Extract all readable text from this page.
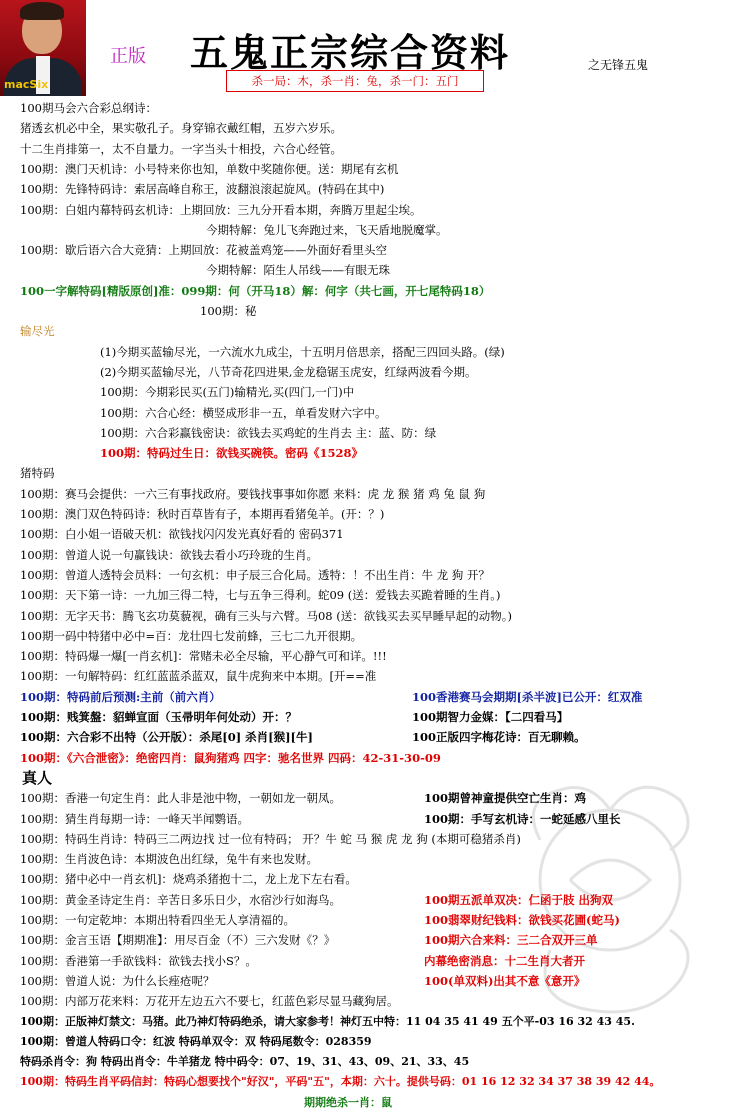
macSix
正版 五鬼正宗综合资料	之无锋五鬼
杀一局：木，杀一肖：兔，杀一门：五门
100期马会六合彩总纲诗：
猪透玄机必中全，果实敬孔子。身穿锦衣戴红帽，五岁六岁乐。
十二生肖排第一，太不自量力。一字当头十相投，六合心经管。
100期：澳门天机诗：小号特来你也知，单数中奖随你便。送：期尾有玄机
100期：先锋特码诗：索居高峰自称王，波翻浪滚起旋风。(特码在其中)
100期：白姐内幕特码玄机诗：上期回放：三九分开看本期，奔腾万里起尘埃。
今期特解：兔儿飞奔跑过来，飞天盾地脱魔掌。
100期：歇后语六合大竞猜：上期回放：花被盖鸡笼——外面好看里头空
今期特解：陌生人吊线——有眼无珠
100一字解特码[精版原创]准：099期：何（开马18）解：何字（共七画，开七尾特码18）
100期：秘
输尽光
(1)今期买蓝输尽光，一六流水九成尘，十五明月倍思亲，搭配三四回头路。(绿)
(2)今期买蓝输尽光，八节奇花四进果,金龙稳锯玉虎安，红绿两波看今期。
100期：今期彩民买(五门)输精光,买(四门,一门)中
100期：六合心经：横竖成形非一五，单看发财六字中。
100期：六合彩赢钱密诀：欲钱去买鸡蛇的生肖去 主：蓝、防：绿
100期：特码过生日：欲钱买碗筷。密码《1528》
猪特码
100期：赛马会提供：一六三有事找政府。要钱找事事如你愿 来料：虎 龙 猴 猪 鸡 兔 鼠 狗
100期：澳门双色特码诗：秋时百草皆有子，本期再看猪兔羊。(开：？)
100期：白小姐一语破天机：欲钱找闪闪发光真好看的 密码371
100期：曾道人说一句赢钱诀：欲钱去看小巧玲珑的生肖。
100期：曾道人透特会员料：一句玄机：申子辰三合化局。透特：！不出生肖：牛 龙 狗 开？
100期：天下第一诗：一九加三得二特，七与五争三得利。蛇09 (送：爱钱去买跪着睡的生肖。)
100期：无字天书：腾飞玄功莫藐视，确有三头与六臂。马08 (送：欲钱买去买早睡早起的动物。)
100期一码中特猪中必中=百：龙壮四七发前蜂，三七二九开很期。
100期：特码爆一爆[一肖玄机]：常赌未必全尽输，平心静气可和详。!!!
100期：一句解特码：红红蓝蓝杀蓝双，鼠牛虎狗来中本期。[开==准
100期：特码前后预测:主前（前六肖）	100香港赛马会期期[杀半波]已公开：红双准
100期：贱箕盤：貂蝉宣面（玉帚明年何处动）开：？	100期智力金媒：【二四看马】
100期：六合彩不出特（公开版）：杀尾[0] 杀肖[猴][牛]	100正版四字梅花诗：百无聊赖。
100期：《六合泄密》：绝密四肖：鼠狗猪鸡 四字：驰名世界 四码：42-31-30-09
真人
100期：香港一句定生肖：此人非是池中物，一朝如龙一朝凤。	100期曾神童提供空亡生肖：鸡
100期：猜生肖每期一诗：一峰天半闻鹦语。	100期：手写玄机诗：一蛇延感八里长
100期：特码生肖诗：特码三二两边找 过一位有特码； 开？牛 蛇 马 猴 虎 龙 狗 (本期可稳猪杀肖)
100期：生肖波色诗：本期波色出红绿，兔牛有来也发财。
100期：猪中必中一肖玄机]：烧鸡杀猪抱十二，龙上龙下左右看。
100期：黄金圣诗定生肖：辛苦日多乐日少，水宿沙行如海鸟。	100期五派单双决：仁函于肢 出狗双
100期：一句定乾坤：本期出特看四坐无人享清福的。	100翡翠财纪钱料：欲钱买花圃(蛇马)
100期：金言玉语【期期准】：用尽百金（不）三六发财《？》	100期六合来料：三二合双开三单
100期：香港第一手欲钱料：欲钱去找小S？。	内幕绝密消息：十二生肖大者开
100期：曾道人说：为什么长痤疮呢？	100(单双料)出其不意《意开》
100期：内部万花来料：万花开左边五六不要七，红蓝色彩尽显马藏狗居。
100期：正版神灯禁文：马猪。此乃神灯特码绝杀，请大家参考！神灯五中特：11 04 35 41 49 五个平-03 16 32 43 45.
100期：曾道人特码口令：红波 特码单双令：双 特码尾数令：028359
特码杀肖令：狗 特码出肖令：牛羊猪龙 特中码令：07、19、31、43、09、21、33、45
100期：特码生肖平码信封：特码心想要找个"好汉"，平码"五"，本期：六十。提供号码：01 16 12 32 34 37 38 39 42 44。
期期绝杀一肖：鼠
